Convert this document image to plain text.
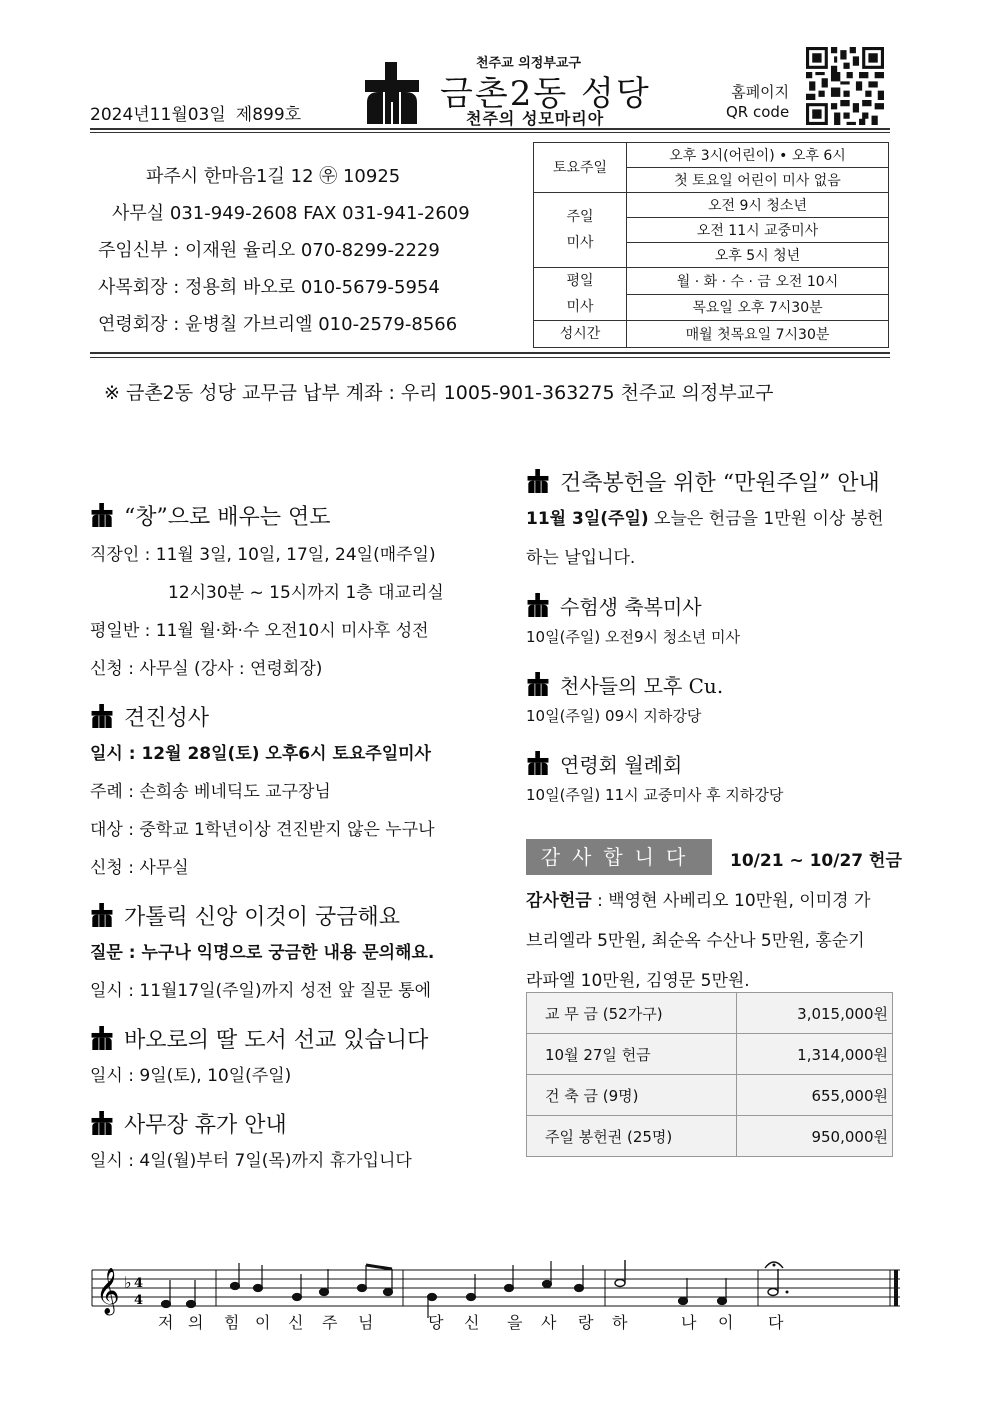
2024년11월03일 제899호
천주교 의정부교구
금촌2동 성당
천주의 성모마리아
홈페이지
QR code
파주시 한마음1길 12 ㉾ 10925
사무실 031-949-2608 FAX 031-941-2609
주임신부 : 이재원 율리오 070-8299-2229
사목회장 : 정용희 바오로 010-5679-5954
연령회장 : 윤병칠 가브리엘 010-2579-8566
토요주일	오후 3시(어린이) • 오후 6시
	첫 토요일 어린이 미사 없음

주일
미사	오전 9시 청소년
	오전 11시 교중미사
	오후 5시 청년

평일
미사	월 · 화 · 수 · 금 오전 10시
	목요일 오후 7시30분
성시간	매월 첫목요일 7시30분
※ 금촌2동 성당 교무금 납부 계좌 : 우리 1005-901-363275 천주교 의정부교구
“창”으로 배우는 연도
직장인 : 11월 3일, 10일, 17일, 24일(매주일)
12시30분 ~ 15시까지 1층 대교리실
평일반 : 11월 월·화·수 오전10시 미사후 성전
신청 : 사무실 (강사 : 연령회장)
견진성사
일시 : 12월 28일(토) 오후6시 토요주일미사
주례 : 손희송 베네딕도 교구장님
대상 : 중학교 1학년이상 견진받지 않은 누구나
신청 : 사무실
가톨릭 신앙 이것이 궁금해요
질문 : 누구나 익명으로 궁금한 내용 문의해요.
일시 : 11월17일(주일)까지 성전 앞 질문 통에
바오로의 딸 도서 선교 있습니다
일시 : 9일(토), 10일(주일)
사무장 휴가 안내
일시 : 4일(월)부터 7일(목)까지 휴가입니다
건축봉헌을 위한 “만원주일” 안내
11월 3일(주일) 오늘은 헌금을 1만원 이상 봉헌
하는 날입니다.
수험생 축복미사
10일(주일) 오전9시 청소년 미사
천사들의 모후 Cu.
10일(주일) 09시 지하강당
연령회 월례회
10일(주일) 11시 교중미사 후 지하강당
감사합니다	10/21 ~ 10/27 헌금
감사헌금 : 백영현 사베리오 10만원, 이미경 가
브리엘라 5만원, 최순옥 수산나 5만원, 홍순기
라파엘 10만원, 김영문 5만원.
교 무 금 (52가구)	3,015,000원
10월 27일 헌금	1,314,000원
건 축 금 (9명)	655,000원
주일 봉헌권 (25명)	950,000원
𝄞 ♭ 4
4
저 의 힘 이 신 주 님	당 신 을 사 랑 하	나 이 다
